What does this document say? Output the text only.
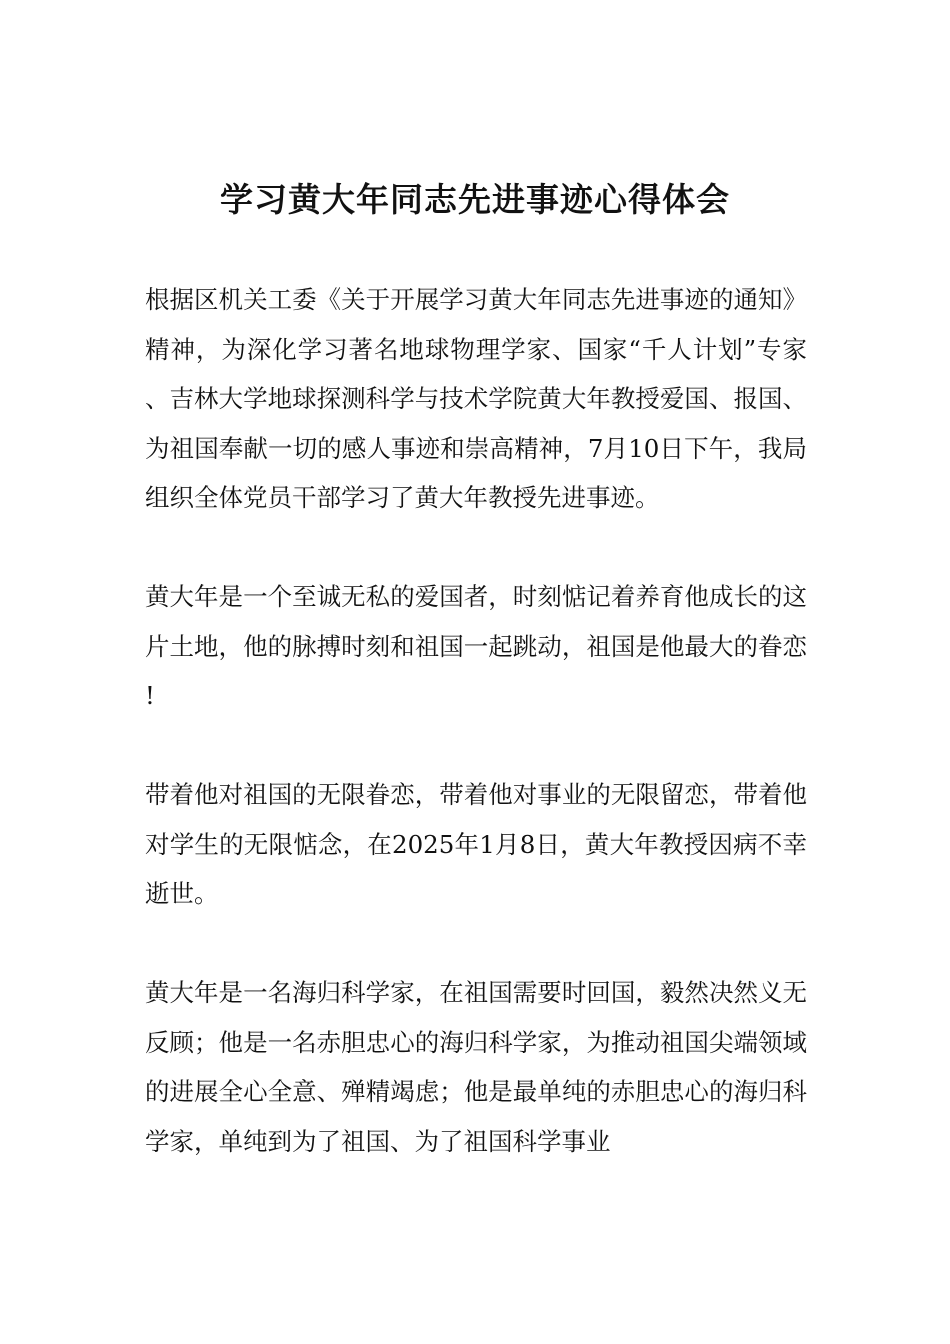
学习黄大年同志先进事迹心得体会

根据区机关工委《关于开展学习黄大年同志先进事迹的通知》精神，为深化学习著名地球物理学家、国家“千人计划”专家、吉林大学地球探测科学与技术学院黄大年教授爱国、报国、为祖国奉献一切的感人事迹和崇高精神，7月10日下午，我局组织全体党员干部学习了黄大年教授先进事迹。

黄大年是一个至诚无私的爱国者，时刻惦记着养育他成长的这片土地，他的脉搏时刻和祖国一起跳动，祖国是他最大的眷恋!

带着他对祖国的无限眷恋，带着他对事业的无限留恋，带着他对学生的无限惦念，在2025年1月8日，黄大年教授因病不幸逝世。

黄大年是一名海归科学家，在祖国需要时回国，毅然决然义无反顾；他是一名赤胆忠心的海归科学家，为推动祖国尖端领域的进展全心全意、殚精竭虑；他是最单纯的赤胆忠心的海归科学家，单纯到为了祖国、为了祖国科学事业
